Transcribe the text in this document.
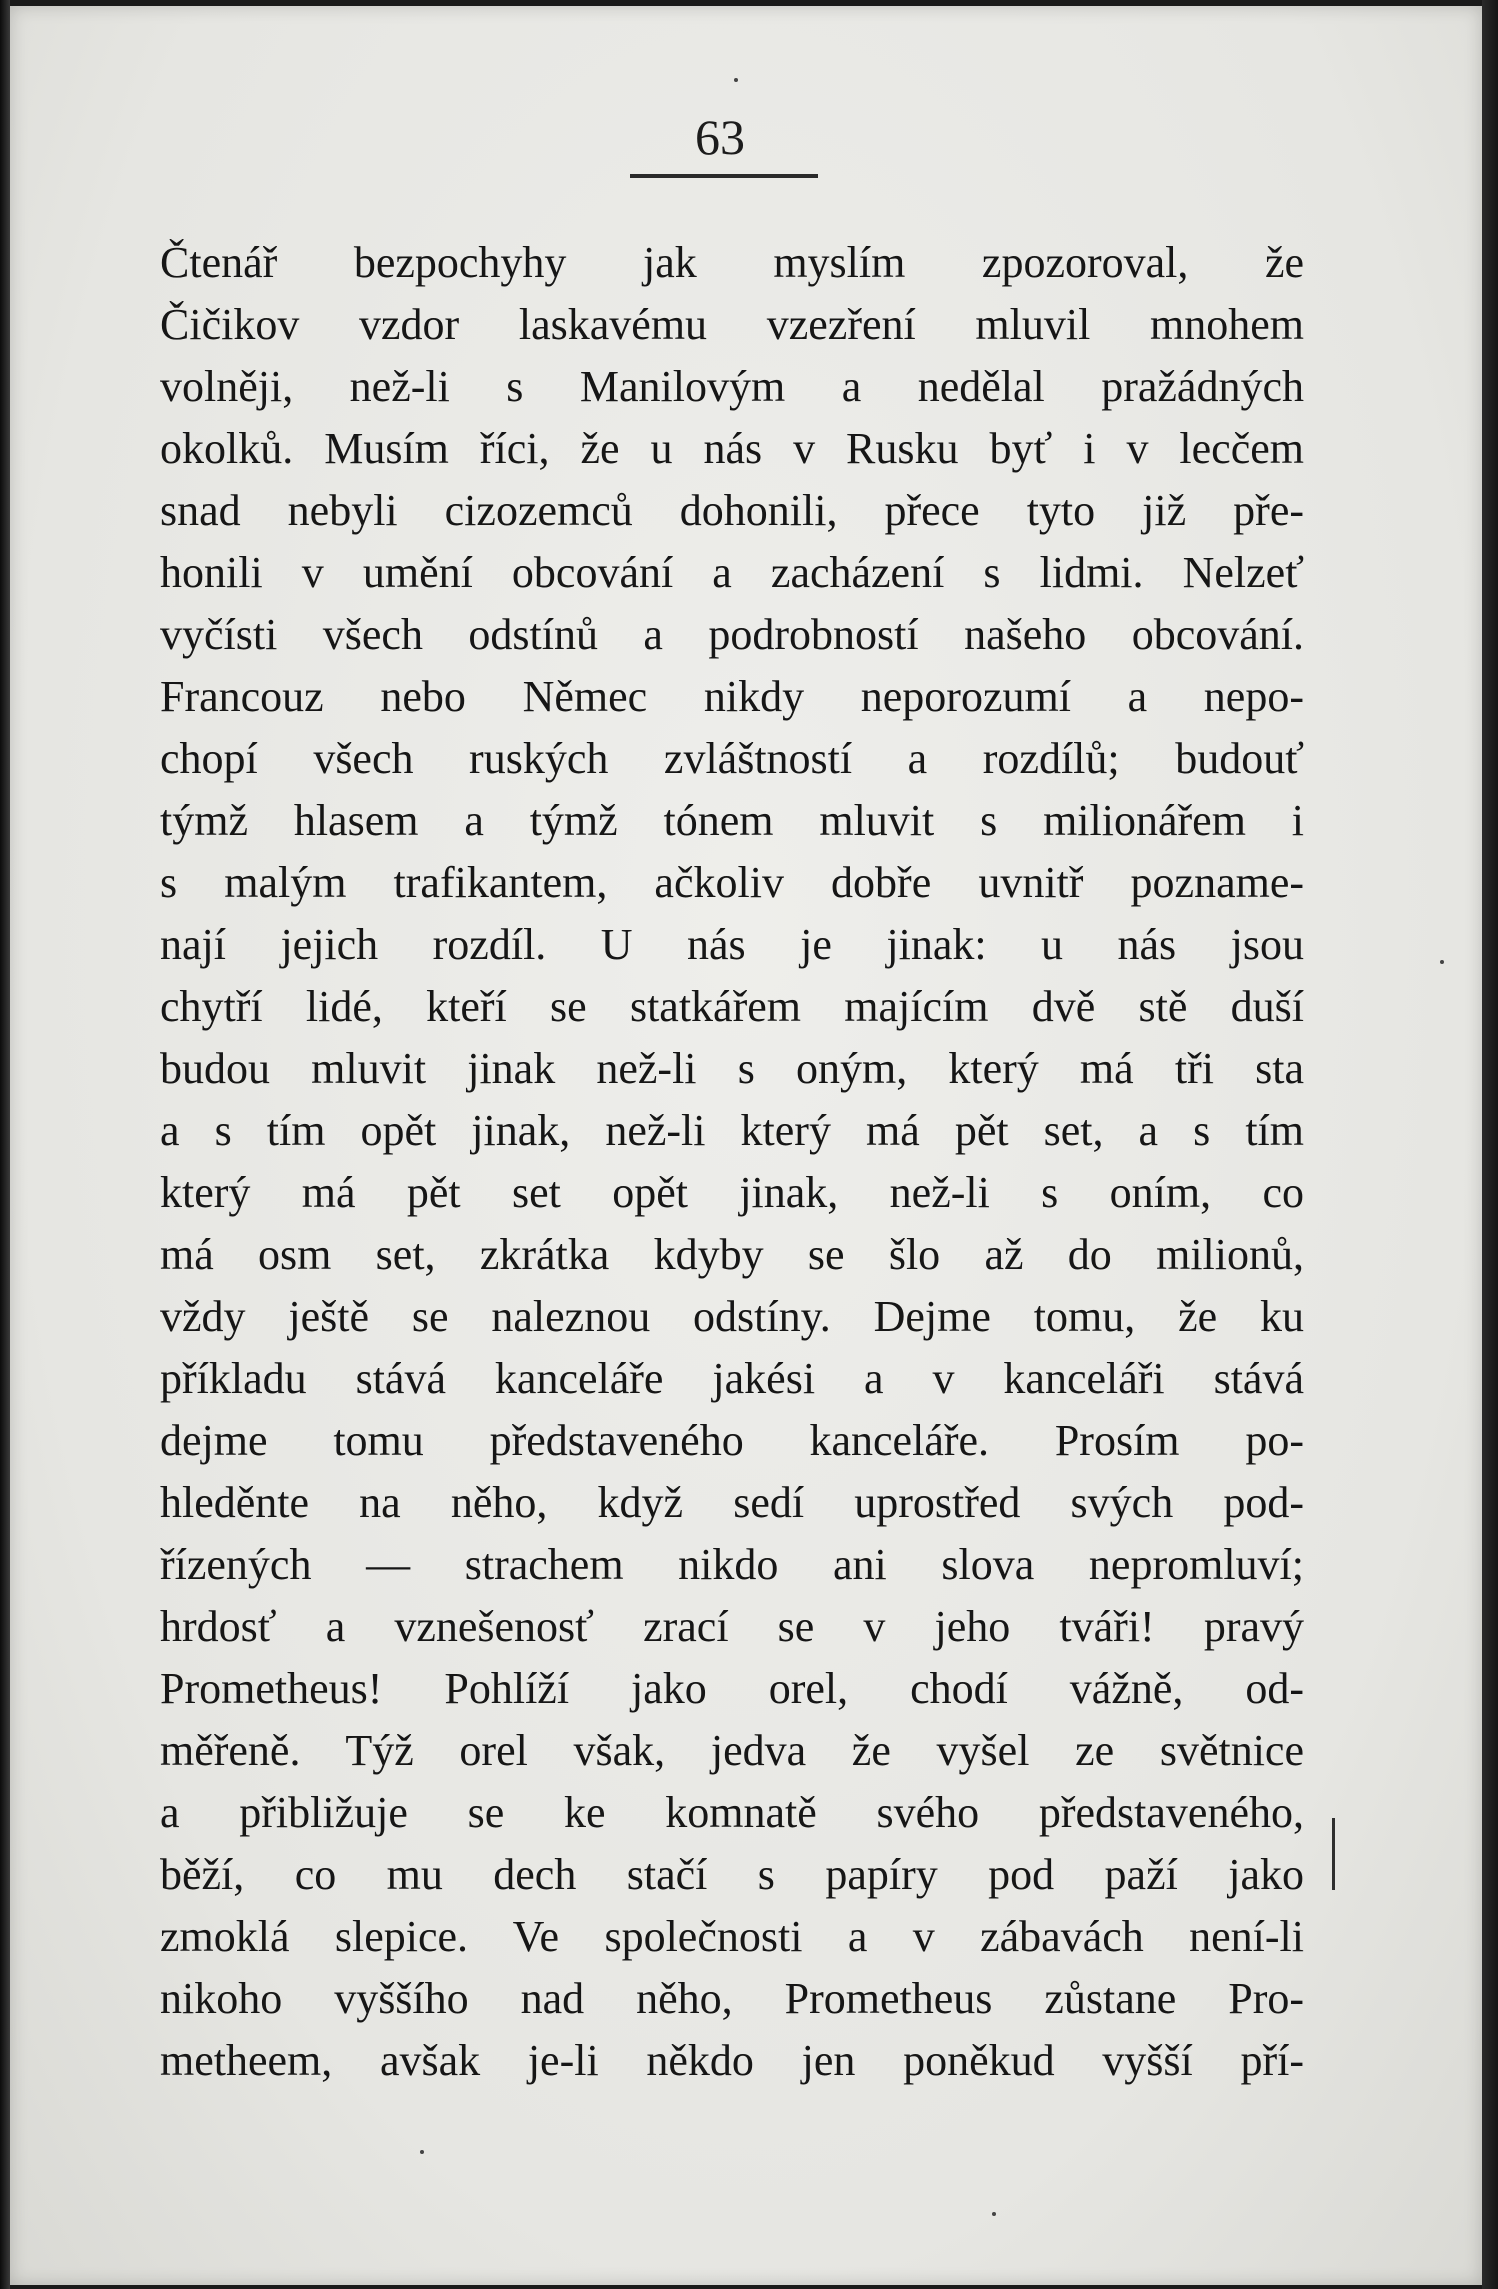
63

Čtenář bezpochyhy jak myslím zpozoroval, že
Čičikov vzdor laskavému vzezření mluvil mnohem
volněji, než-li s Manilovým a nedělal pražádných
okolků. Musím říci, že u nás v Rusku byť i v lecčem
snad nebyli cizozemců dohonili, přece tyto již pře-
honili v umění obcování a zacházení s lidmi. Nelzeť
vyčísti všech odstínů a podrobností našeho obcování.
Francouz nebo Němec nikdy neporozumí a nepo-
chopí všech ruských zvláštností a rozdílů; budouť
týmž hlasem a týmž tónem mluvit s milionářem i
s malým trafikantem, ačkoliv dobře uvnitř poznamе-
nají jejich rozdíl. U nás je jinak: u nás jsou
chytří lidé, kteří se statkářem majícím dvě stě duší
budou mluvit jinak než-li s oným, který má tři sta
a s tím opět jinak, než-li který má pět set, a s tím
který má pět set opět jinak, než-li s oním, co
má osm set, zkrátka kdyby se šlo až do milionů,
vždy ještě se naleznou odstíny. Dejme tomu, že ku
příkladu stává kanceláře jakési a v kanceláři stává
dejme tomu představeného kanceláře. Prosím po-
hleděnte na něho, když sedí uprostřed svých pod-
řízených — strachem nikdo ani slova nepromluví;
hrdosť a vznešenosť zrací se v jeho tváři! pravý
Prometheus! Pohlíží jako orel, chodí vážně, od-
měřeně. Týž orel však, jedva že vyšel ze světnice
a přibližuje se ke komnatě svého představeného,
běží, co mu dech stačí s papíry pod paží jako
zmoklá slepice. Ve společnosti a v zábavách není-li
nikoho vyššího nad něho, Prometheus zůstane Pro-
metheem, avšak je-li někdo jen poněkud vyšší pří-
